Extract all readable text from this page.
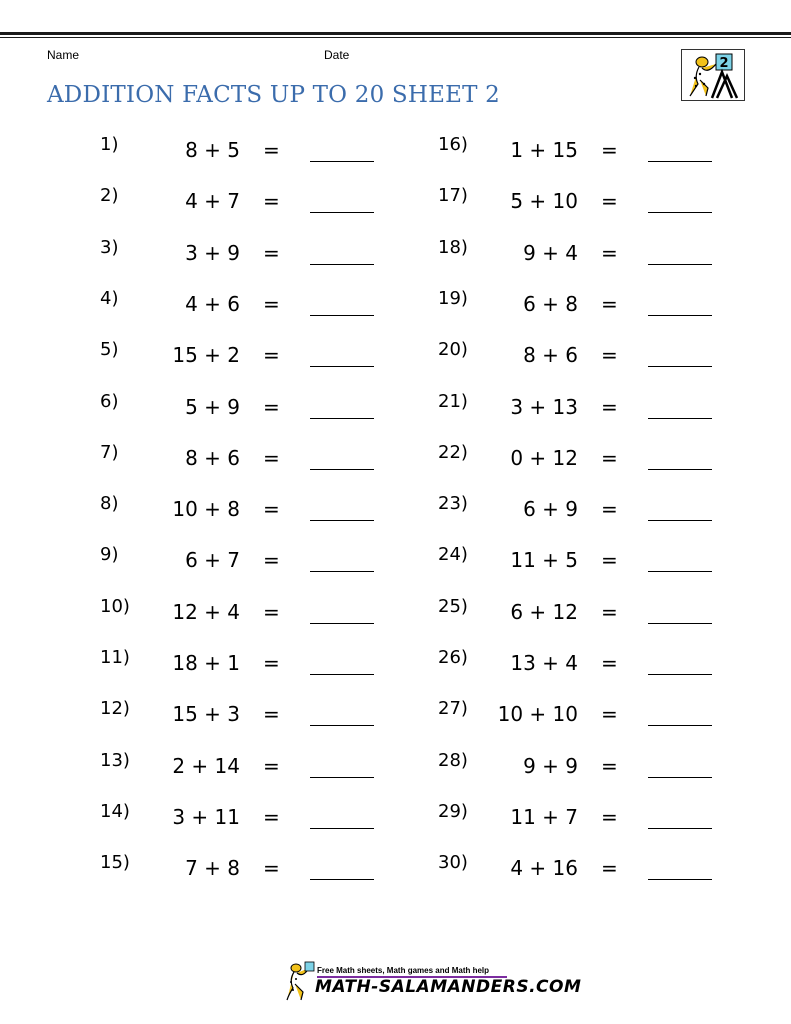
Name	Date
ADDITION FACTS UP TO 20 SHEET 2
2
1)	8 + 5 =
2)	4 + 7 =
3)	3 + 9 =
4)	4 + 6 =
5)	15 + 2 =
6)	5 + 9 =
7)	8 + 6 =
8)	10 + 8 =
9)	6 + 7 =
10)	12 + 4 =
11)	18 + 1 =
12)	15 + 3 =
13)	2 + 14 =
14)	3 + 11 =
15)	7 + 8 =
16)	1 + 15 =
17)	5 + 10 =
18)	9 + 4 =
19)	6 + 8 =
20)	8 + 6 =
21)	3 + 13 =
22)	0 + 12 =
23)	6 + 9 =
24)	11 + 5 =
25)	6 + 12 =
26)	13 + 4 =
27)	10 + 10 =
28)	9 + 9 =
29)	11 + 7 =
30)	4 + 16 =
Free Math sheets, Math games and Math help
MATH-SALAMANDERS.COM
